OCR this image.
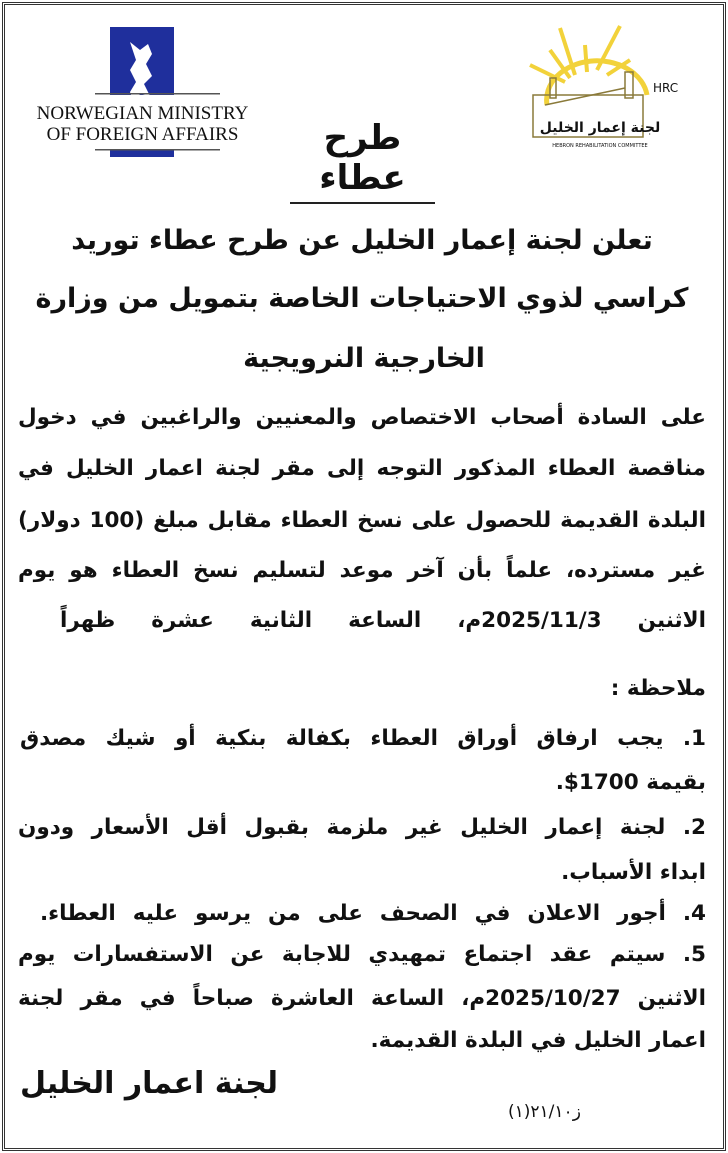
NORWEGIAN MINISTRY
OF FOREIGN AFFAIRS
HRC
لجنة إعمار الخليل
HEBRON REHABILITATION COMMITTEE
طرح عطاء
تعلن لجنة إعمار الخليل عن طرح عطاء توريد
كراسي لذوي الاحتياجات الخاصة بتمويل من وزارة
الخارجية النرويجية
على السادة أصحاب الاختصاص والمعنيين والراغبين في دخول
مناقصة العطاء المذكور التوجه إلى مقر لجنة اعمار الخليل في
البلدة القديمة للحصول على نسخ العطاء مقابل مبلغ (100 دولار)
غير مسترده، علماً بأن آخر موعد لتسليم نسخ العطاء هو يوم
الاثنين 2025/11/3م، الساعة الثانية عشرة ظهراً
ملاحظة :
1. يجب ارفاق أوراق العطاء بكفالة بنكية أو شيك مصدق
بقيمة 1700$.
2. لجنة إعمار الخليل غير ملزمة بقبول أقل الأسعار ودون
ابداء الأسباب.
4. أجور الاعلان في الصحف على من يرسو عليه العطاء.
5. سيتم عقد اجتماع تمهيدي للاجابة عن الاستفسارات يوم
الاثنين 2025/10/27م، الساعة العاشرة صباحاً في مقر لجنة
اعمار الخليل في البلدة القديمة.
لجنة اعمار الخليل
ز٢١/١٠(١)
